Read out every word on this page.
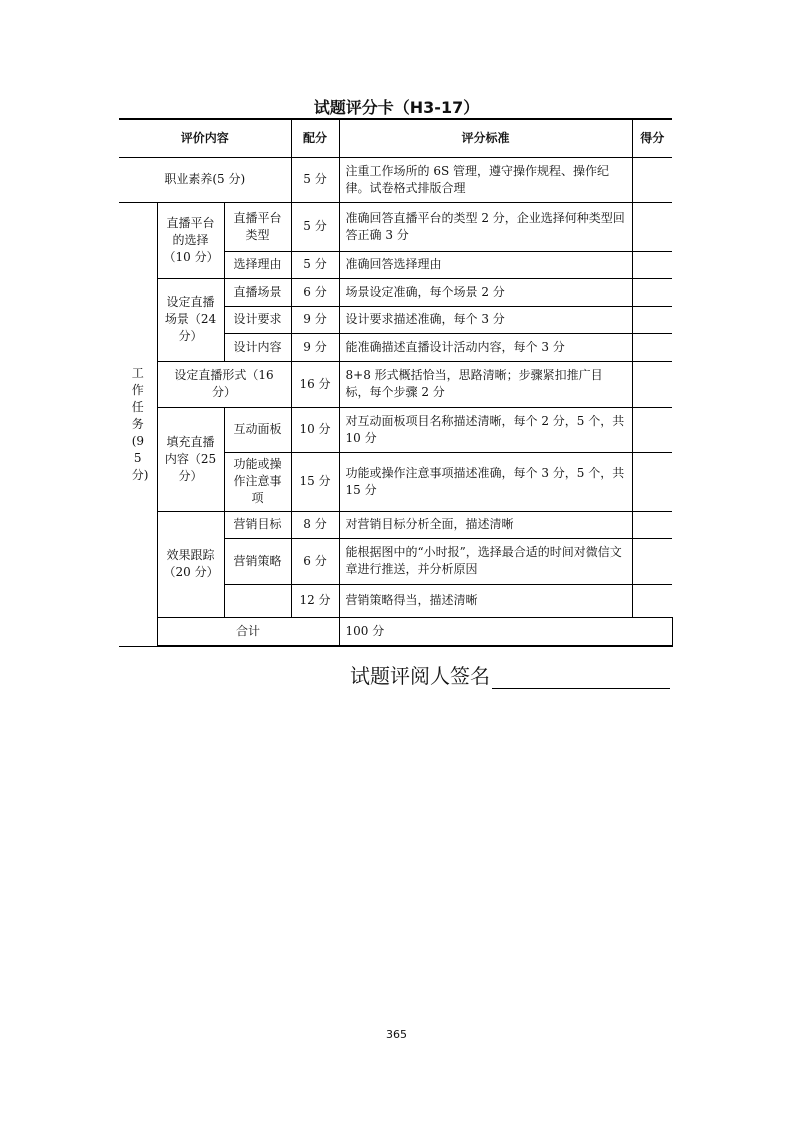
试题评分卡（H3-17）
评价内容			配分	评分标准	得分	
职业素养(5 分)			5 分	注重工作场所的 6S 管理，遵守操作规程、操作纪律。试卷格式排版合理		

工作任务(95分)	直播平台的选择（10 分）	直播平台类型	5 分	准确回答直播平台的类型 2 分，企业选择何种类型回答正确 3 分		
		选择理由	5 分	准确回答选择理由		
	设定直播场景（24 分）	直播场景	6 分	场景设定准确，每个场景 2 分		
		设计要求	9 分	设计要求描述准确，每个 3 分		
		设计内容	9 分	能准确描述直播设计活动内容，每个 3 分		
	设定直播形式（16 分）		16 分	8+8 形式概括恰当，思路清晰；步骤紧扣推广目标，每个步骤 2 分		
	填充直播内容（25 分）	互动面板	10 分	对互动面板项目名称描述清晰，每个 2 分，5 个，共 10 分		
		功能或操作注意事项	15 分	功能或操作注意事项描述准确，每个 3 分，5 个，共 15 分		
	效果跟踪（20 分）	营销目标	8 分	对营销目标分析全面，描述清晰		
		营销策略	6 分	能根据图中的“小时报”，选择最合适的时间对微信文章进行推送，并分析原因		
			12 分	营销策略得当，描述清晰		
	合计			100 分		
试题评阅人签名
365
